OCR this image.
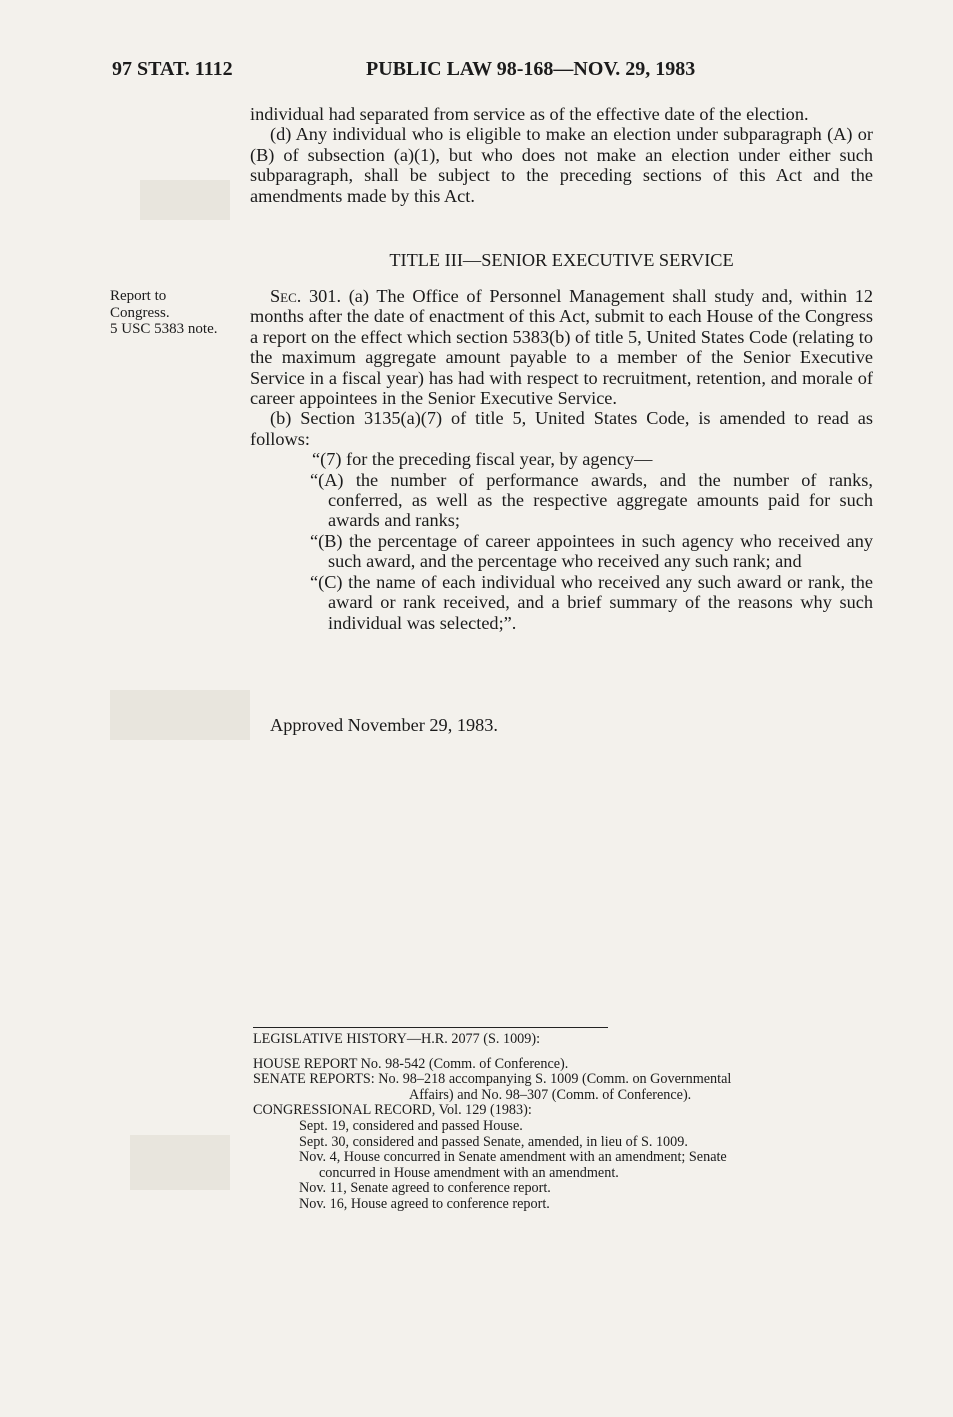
97 STAT. 1112	PUBLIC LAW 98-168—NOV. 29, 1983

individual had separated from service as of the effective date of the election.

(d) Any individual who is eligible to make an election under subparagraph (A) or (B) of subsection (a)(1), but who does not make an election under either such subparagraph, shall be subject to the preceding sections of this Act and the amendments made by this Act.

TITLE III—SENIOR EXECUTIVE SERVICE
Report to
Congress.
5 USC 5383 note.

Sec. 301. (a) The Office of Personnel Management shall study and, within 12 months after the date of enactment of this Act, submit to each House of the Congress a report on the effect which section 5383(b) of title 5, United States Code (relating to the maximum aggregate amount payable to a member of the Senior Executive Service in a fiscal year) has had with respect to recruitment, retention, and morale of career appointees in the Senior Executive Service.

(b) Section 3135(a)(7) of title 5, United States Code, is amended to read as follows:

“(7) for the preceding fiscal year, by agency—

“(A) the number of performance awards, and the number of ranks, conferred, as well as the respective aggregate amounts paid for such awards and ranks;

“(B) the percentage of career appointees in such agency who received any such award, and the percentage who received any such rank; and

“(C) the name of each individual who received any such award or rank, the award or rank received, and a brief summary of the reasons why such individual was selected;”.

Approved November 29, 1983.
LEGISLATIVE HISTORY—H.R. 2077 (S. 1009):
HOUSE REPORT No. 98-542 (Comm. of Conference).
SENATE REPORTS: No. 98–218 accompanying S. 1009 (Comm. on Governmental
Affairs) and No. 98–307 (Comm. of Conference).
CONGRESSIONAL RECORD, Vol. 129 (1983):
Sept. 19, considered and passed House.
Sept. 30, considered and passed Senate, amended, in lieu of S. 1009.
Nov. 4, House concurred in Senate amendment with an amendment; Senate
concurred in House amendment with an amendment.
Nov. 11, Senate agreed to conference report.
Nov. 16, House agreed to conference report.
